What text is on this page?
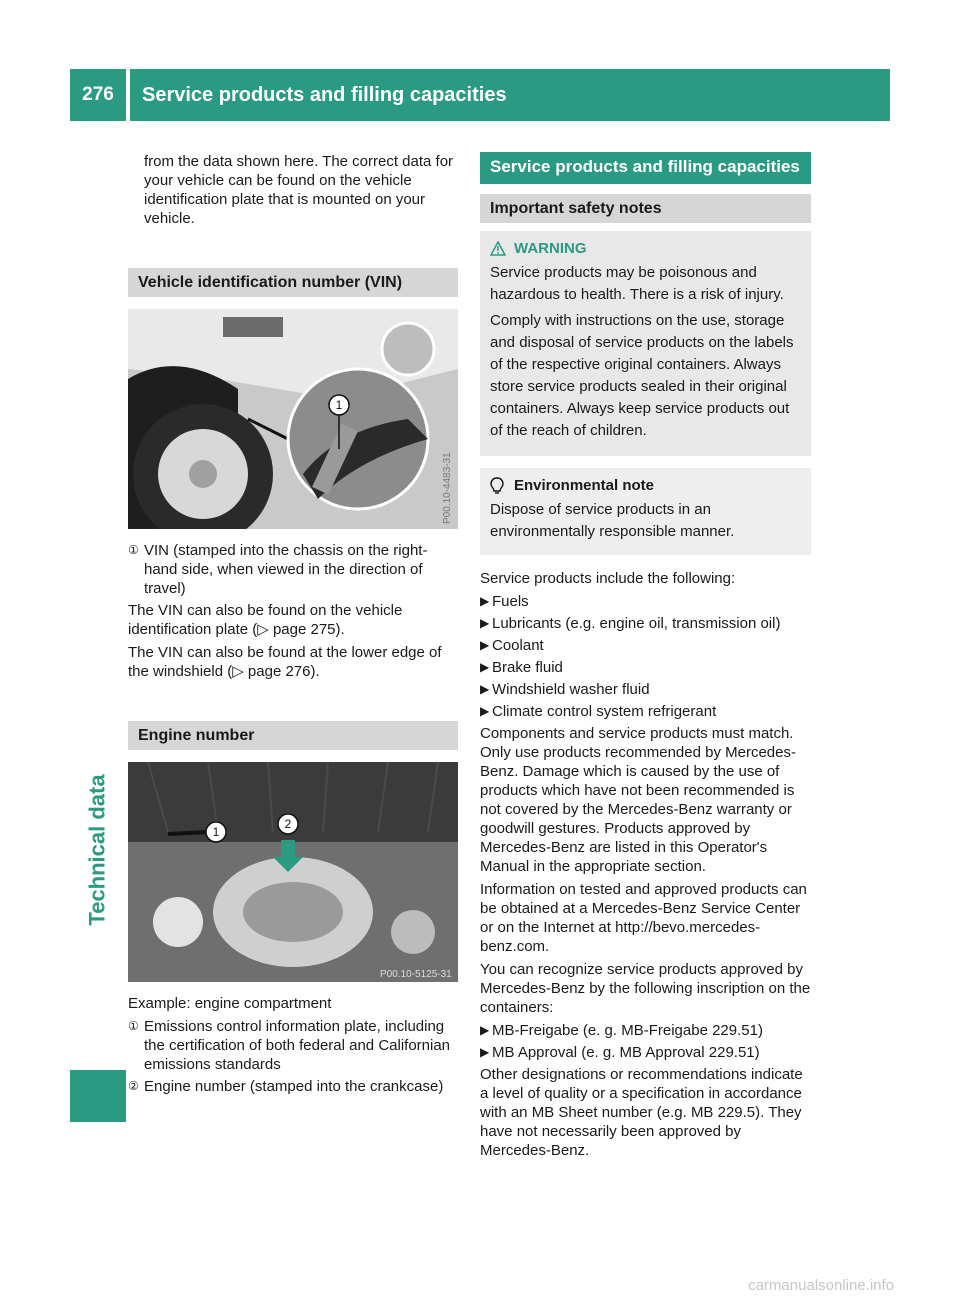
276	Service products and filling capacities
Technical data

from the data shown here. The correct data for your vehicle can be found on the vehicle identification plate that is mounted on your vehicle.

Vehicle identification number (VIN)
1
P00.10-4483-31
① VIN (stamped into the chassis on the right-hand side, when viewed in the direction of travel)

The VIN can also be found on the vehicle identification plate (▷ page 275).

The VIN can also be found at the lower edge of the windshield (▷ page 276).

Engine number
1
2
P00.10-5125-31

Example: engine compartment

① Emissions control information plate, including the certification of both federal and Californian emissions standards
② Engine number (stamped into the crankcase)
Service products and filling capacities
Important safety notes
WARNING

Service products may be poisonous and hazardous to health. There is a risk of injury.

Comply with instructions on the use, storage and disposal of service products on the labels of the respective original containers. Always store service products sealed in their original containers. Always keep service products out of the reach of children.

Environmental note

Dispose of service products in an environmentally responsible manner.

Service products include the following:

▶ Fuels
▶ Lubricants (e.g. engine oil, transmission oil)
▶ Coolant
▶ Brake fluid
▶ Windshield washer fluid
▶ Climate control system refrigerant

Components and service products must match. Only use products recommended by Mercedes-Benz. Damage which is caused by the use of products which have not been recommended is not covered by the Mercedes-Benz warranty or goodwill gestures. Products approved by Mercedes-Benz are listed in this Operator's Manual in the appropriate section.

Information on tested and approved products can be obtained at a Mercedes-Benz Service Center or on the Internet at http://bevo.mercedes-benz.com.

You can recognize service products approved by Mercedes-Benz by the following inscription on the containers:

▶ MB-Freigabe (e. g. MB-Freigabe 229.51)
▶ MB Approval (e. g. MB Approval 229.51)

Other designations or recommendations indicate a level of quality or a specification in accordance with an MB Sheet number (e.g. MB 229.5). They have not necessarily been approved by Mercedes-Benz.

carmanualsonline.info
